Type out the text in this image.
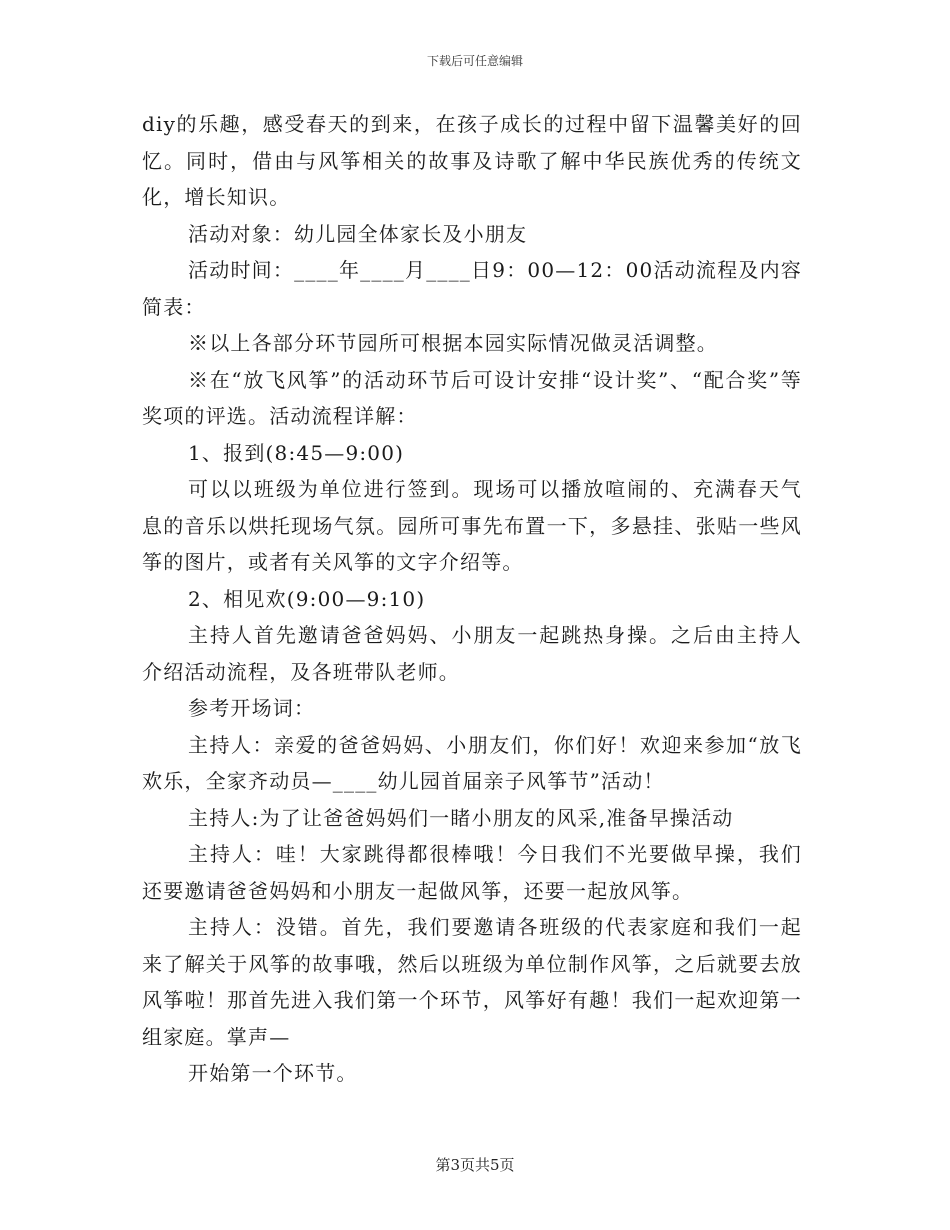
下载后可任意编辑

diy的乐趣，感受春天的到来，在孩子成长的过程中留下温馨美好的回忆。同时，借由与风筝相关的故事及诗歌了解中华民族优秀的传统文化，增长知识。

活动对象：幼儿园全体家长及小朋友

活动时间：____年____月____日9：00—12：00活动流程及内容简表：

※以上各部分环节园所可根据本园实际情况做灵活调整。

※在“放飞风筝”的活动环节后可设计安排“设计奖”、“配合奖”等奖项的评选。活动流程详解：

1、报到(8:45—9:00)

可以以班级为单位进行签到。现场可以播放喧闹的、充满春天气息的音乐以烘托现场气氛。园所可事先布置一下，多悬挂、张贴一些风筝的图片，或者有关风筝的文字介绍等。

2、相见欢(9:00—9:10)

主持人首先邀请爸爸妈妈、小朋友一起跳热身操。之后由主持人介绍活动流程，及各班带队老师。

参考开场词：

主持人：亲爱的爸爸妈妈、小朋友们，你们好！欢迎来参加“放飞欢乐，全家齐动员—____幼儿园首届亲子风筝节”活动！

主持人:为了让爸爸妈妈们一睹小朋友的风采,准备早操活动

主持人：哇！大家跳得都很棒哦！今日我们不光要做早操，我们还要邀请爸爸妈妈和小朋友一起做风筝，还要一起放风筝。

主持人：没错。首先，我们要邀请各班级的代表家庭和我们一起来了解关于风筝的故事哦，然后以班级为单位制作风筝，之后就要去放风筝啦！那首先进入我们第一个环节，风筝好有趣！我们一起欢迎第一组家庭。掌声—

开始第一个环节。

第3页共5页
